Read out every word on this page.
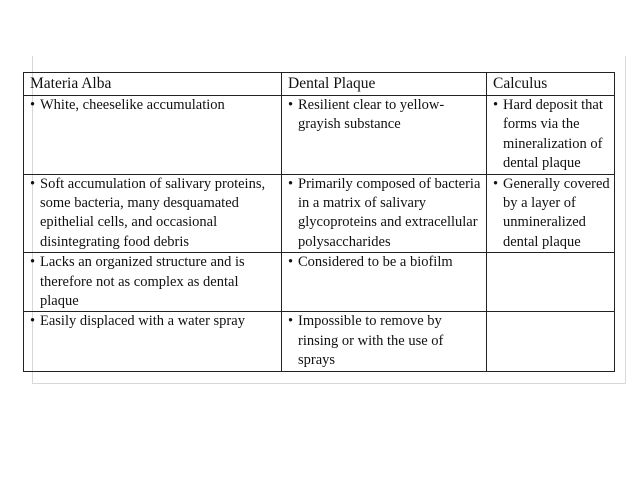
Materia Alba	Dental Plaque	Calculus

• White, cheeselike accumulation	• Resilient clear to yellow-grayish substance	• Hard deposit that forms via the mineralization of dental plaque

• Soft accumulation of salivary proteins, some bacteria, many desquamated epithelial cells, and occasional disintegrating food debris	• Primarily composed of bacteria in a matrix of salivary glycoproteins and extracellular polysaccharides	• Generally covered by a layer of unmineralized dental plaque

• Lacks an organized structure and is therefore not as complex as dental plaque	• Considered to be a biofilm	

• Easily displaced with a water spray	• Impossible to remove by rinsing or with the use of sprays	
